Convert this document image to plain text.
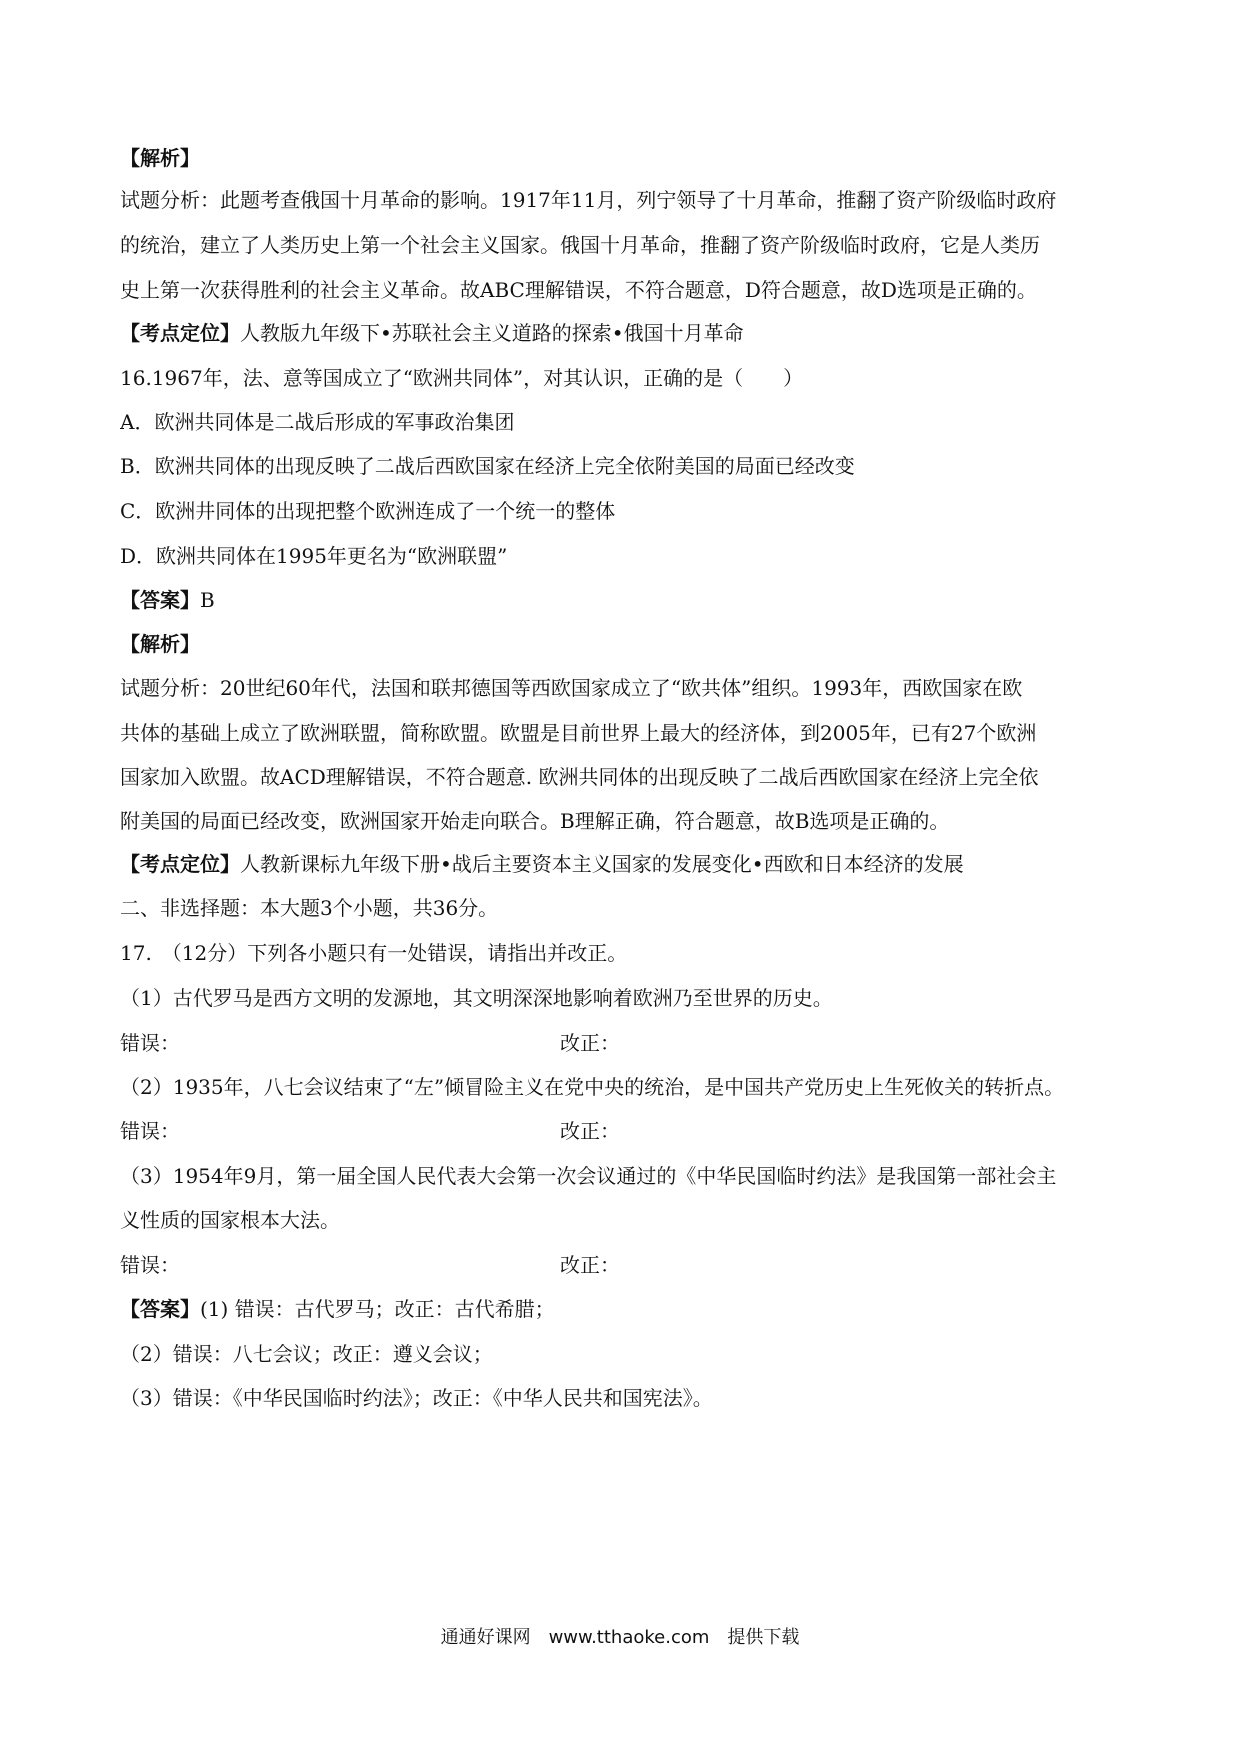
【解析】
试题分析：此题考查俄国十月革命的影响。1917年11月，列宁领导了十月革命，推翻了资产阶级临时政府
的统治，建立了人类历史上第一个社会主义国家。俄国十月革命，推翻了资产阶级临时政府，它是人类历
史上第一次获得胜利的社会主义革命。故ABC理解错误，不符合题意，D符合题意，故D选项是正确的。
【考点定位】人教版九年级下•苏联社会主义道路的探索•俄国十月革命
16.1967年，法、意等国成立了“欧洲共同体”，对其认识，正确的是（　　）
A．欧洲共同体是二战后形成的军事政治集团
B．欧洲共同体的出现反映了二战后西欧国家在经济上完全依附美国的局面已经改变
C．欧洲井同体的出现把整个欧洲连成了一个统一的整体
D．欧洲共同体在1995年更名为“欧洲联盟”
【答案】B
【解析】
试题分析：20世纪60年代，法国和联邦德国等西欧国家成立了“欧共体”组织。1993年，西欧国家在欧
共体的基础上成立了欧洲联盟，简称欧盟。欧盟是目前世界上最大的经济体，到2005年，已有27个欧洲
国家加入欧盟。故ACD理解错误，不符合题意. 欧洲共同体的出现反映了二战后西欧国家在经济上完全依
附美国的局面已经改变，欧洲国家开始走向联合。B理解正确，符合题意，故B选项是正确的。
【考点定位】人教新课标九年级下册•战后主要资本主义国家的发展变化•西欧和日本经济的发展
二、非选择题：本大题3个小题，共36分。
17.　（12分）下列各小题只有一处错误，请指出并改正。
（1）古代罗马是西方文明的发源地，其文明深深地影响着欧洲乃至世界的历史。
错误：	改正：
（2）1935年，八七会议结束了“左”倾冒险主义在党中央的统治，是中国共产党历史上生死攸关的转折点。
错误：	改正：
（3）1954年9月，第一届全国人民代表大会第一次会议通过的《中华民国临时约法》是我国第一部社会主
义性质的国家根本大法。
错误：	改正：
【答案】(1) 错误：古代罗马；改正：古代希腊；
（2）错误：八七会议；改正：遵义会议；
（3）错误：《中华民国临时约法》；改正：《中华人民共和国宪法》。
通通好课网　www.tthaoke.com　提供下载
